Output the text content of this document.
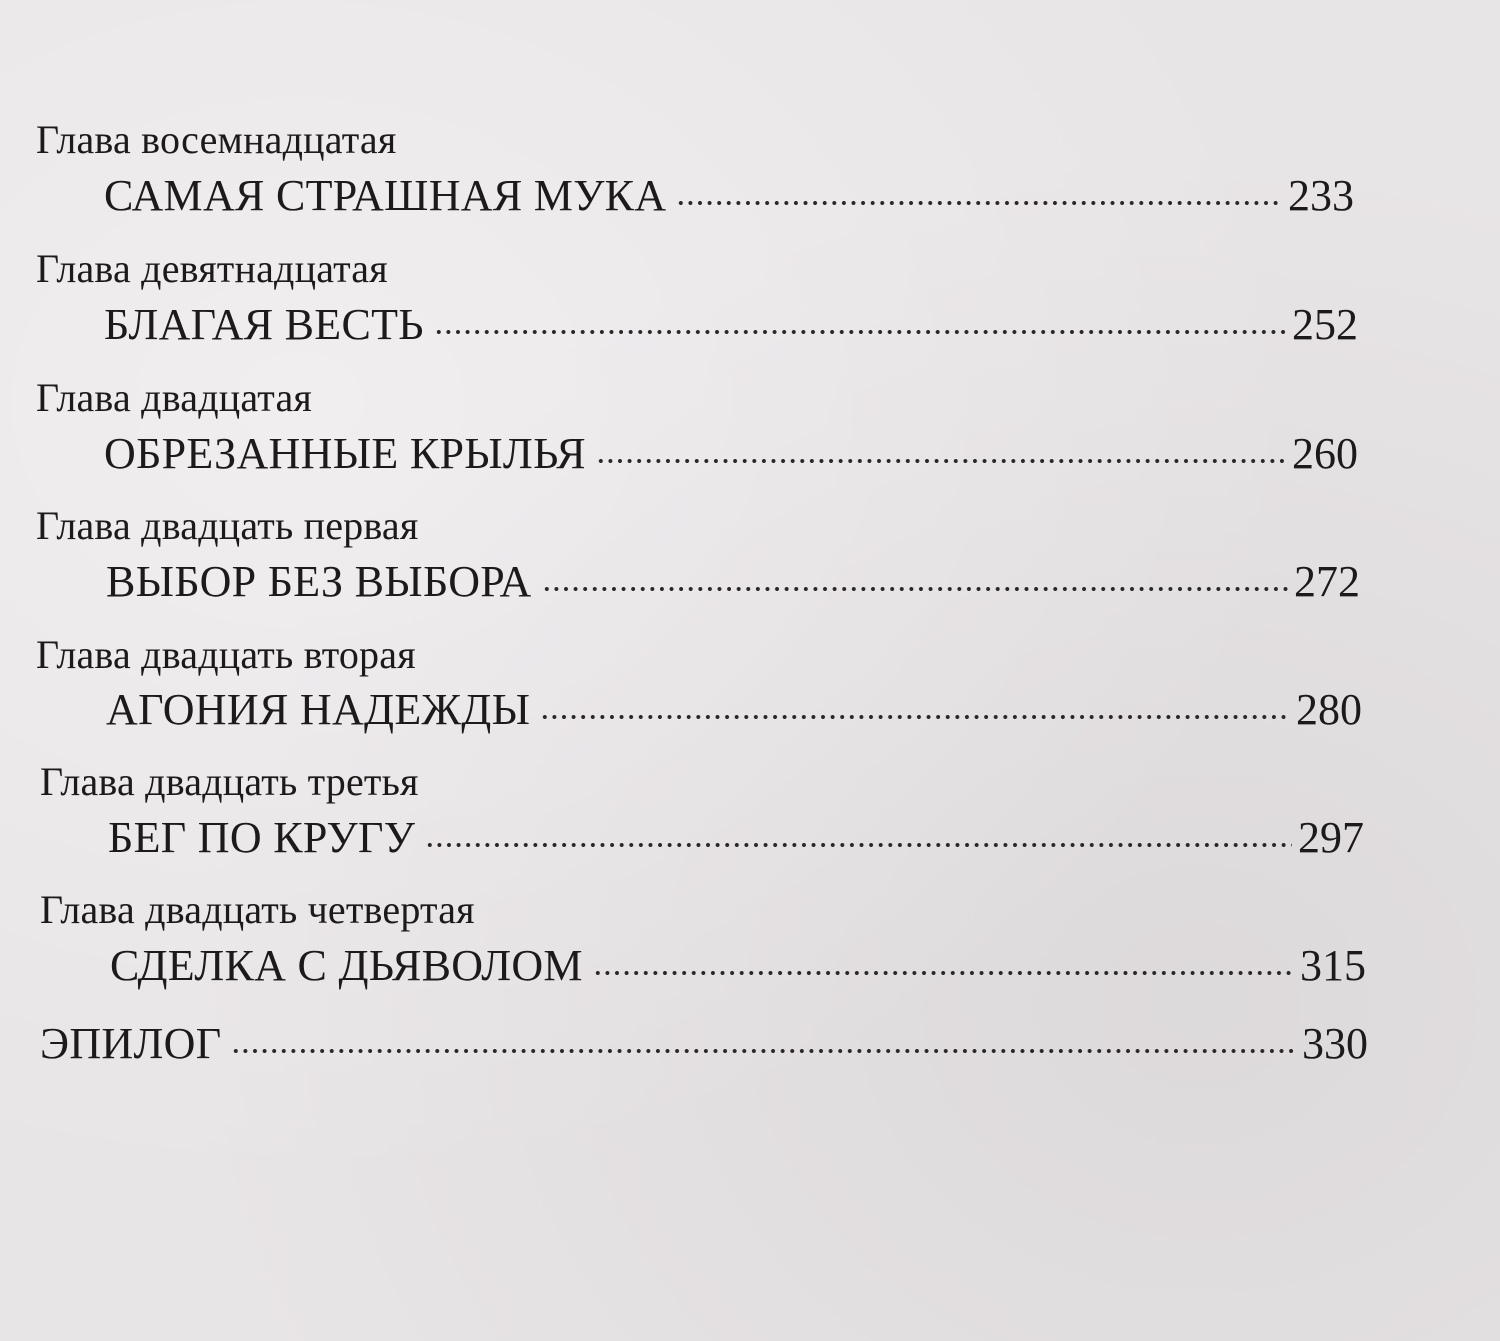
Глава восемнадцатая
САМАЯ СТРАШНАЯ МУКА	233
Глава девятнадцатая
БЛАГАЯ ВЕСТЬ	252
Глава двадцатая
ОБРЕЗАННЫЕ КРЫЛЬЯ	260
Глава двадцать первая
ВЫБОР БЕЗ ВЫБОРА	272
Глава двадцать вторая
АГОНИЯ НАДЕЖДЫ	280
Глава двадцать третья
БЕГ ПО КРУГУ	297
Глава двадцать четвертая
СДЕЛКА С ДЬЯВОЛОМ	315
ЭПИЛОГ	330
